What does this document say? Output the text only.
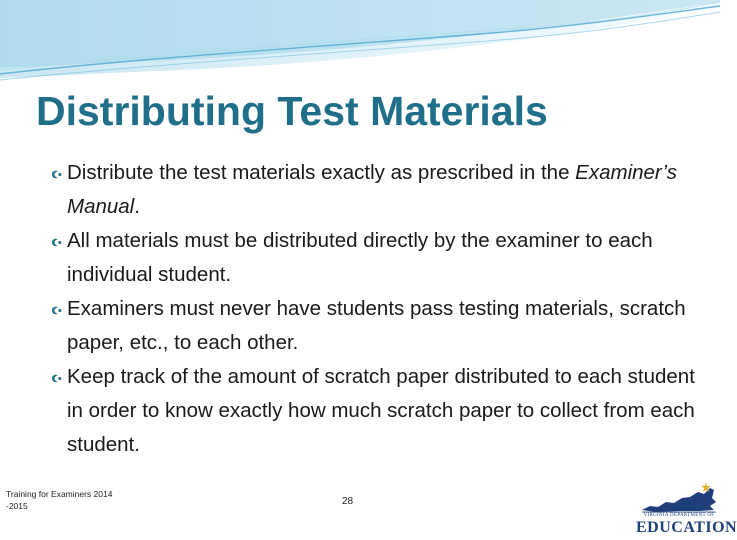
Distributing Test Materials
Distribute the test materials exactly as prescribed in the Examiner’s Manual.
All materials must be distributed directly by the examiner to each individual student.
Examiners must never have students pass testing materials, scratch paper, etc., to each other.
Keep track of the amount of scratch paper distributed to each student in order to know exactly how much scratch paper to collect from each student.
Training for Examiners 2014
-2015	28
VIRGINIA DEPARTMENT OF
EDUCATION
